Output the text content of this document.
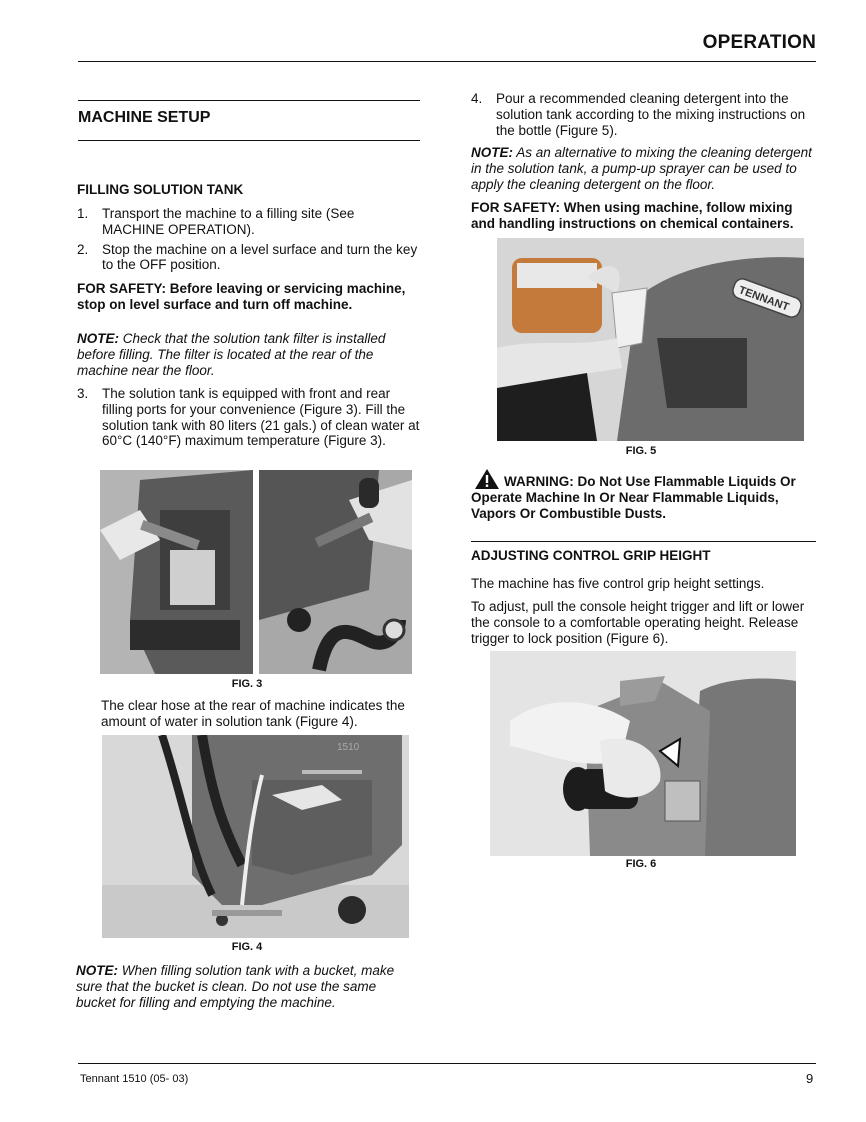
OPERATION
MACHINE SETUP
FILLING SOLUTION TANK
1.	Transport the machine to a filling site (See MACHINE OPERATION).
2.	Stop the machine on a level surface and turn the key to the OFF position.
FOR SAFETY: Before leaving or servicing machine, stop on level surface and turn off machine.
NOTE: Check that the solution tank filter is installed before filling. The filter is located at the rear of the machine near the floor.
3.	The solution tank is equipped with front and rear filling ports for your convenience (Figure 3). Fill the solution tank with 80 liters (21 gals.) of clean water at 60°C (140°F) maximum temperature (Figure 3).
FIG. 3
The clear hose at the rear of machine indicates the amount of water in solution tank (Figure 4).
1510
FIG. 4
NOTE: When filling solution tank with a bucket, make sure that the bucket is clean. Do not use the same bucket for filling and emptying the machine.
4.	Pour a recommended cleaning detergent into the solution tank according to the mixing instructions on the bottle (Figure 5).
NOTE: As an alternative to mixing the cleaning detergent in the solution tank, a pump-up sprayer can be used to apply the cleaning detergent on the floor.
FOR SAFETY: When using machine, follow mixing and handling instructions on chemical containers.
TENNANT
FIG. 5
WARNING: Do Not Use Flammable Liquids Or Operate Machine In Or Near Flammable Liquids, Vapors Or Combustible Dusts.
ADJUSTING CONTROL GRIP HEIGHT
The machine has five control grip height settings.
To adjust, pull the console height trigger and lift or lower the console to a comfortable operating height. Release trigger to lock position (Figure 6).
FIG. 6
Tennant 1510 (05- 03)	9
